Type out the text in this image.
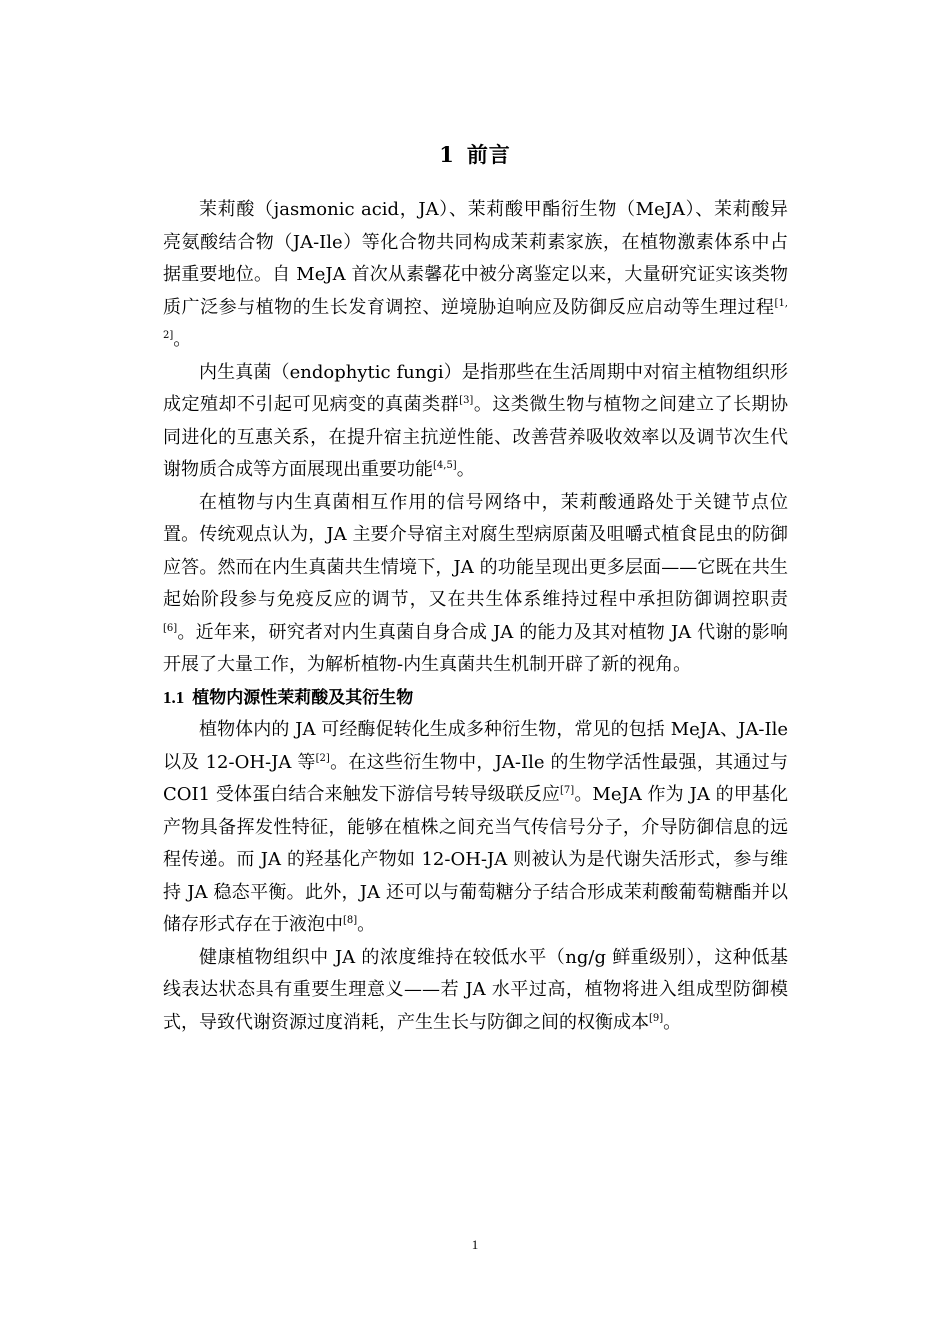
1 前言

茉莉酸（jasmonic acid，JA）、茉莉酸甲酯衍生物（MeJA）、茉莉酸异亮氨酸结合物（JA-Ile）等化合物共同构成茉莉素家族，在植物激素体系中占据重要地位。自 MeJA 首次从素馨花中被分离鉴定以来，大量研究证实该类物质广泛参与植物的生长发育调控、逆境胁迫响应及防御反应启动等生理过程[1,2]。

内生真菌（endophytic fungi）是指那些在生活周期中对宿主植物组织形成定殖却不引起可见病变的真菌类群[3]。这类微生物与植物之间建立了长期协同进化的互惠关系，在提升宿主抗逆性能、改善营养吸收效率以及调节次生代谢物质合成等方面展现出重要功能[4,5]。

在植物与内生真菌相互作用的信号网络中，茉莉酸通路处于关键节点位置。传统观点认为，JA 主要介导宿主对腐生型病原菌及咀嚼式植食昆虫的防御应答。然而在内生真菌共生情境下，JA 的功能呈现出更多层面——它既在共生起始阶段参与免疫反应的调节，又在共生体系维持过程中承担防御调控职责[6]。近年来，研究者对内生真菌自身合成 JA 的能力及其对植物 JA 代谢的影响开展了大量工作，为解析植物-内生真菌共生机制开辟了新的视角。

1.1 植物内源性茉莉酸及其衍生物

植物体内的 JA 可经酶促转化生成多种衍生物，常见的包括 MeJA、JA-Ile 以及 12-OH-JA 等[2]。在这些衍生物中，JA-Ile 的生物学活性最强，其通过与 COI1 受体蛋白结合来触发下游信号转导级联反应[7]。MeJA 作为 JA 的甲基化产物具备挥发性特征，能够在植株之间充当气传信号分子，介导防御信息的远程传递。而 JA 的羟基化产物如 12-OH-JA 则被认为是代谢失活形式，参与维持 JA 稳态平衡。此外，JA 还可以与葡萄糖分子结合形成茉莉酸葡萄糖酯并以储存形式存在于液泡中[8]。

健康植物组织中 JA 的浓度维持在较低水平（ng/g 鲜重级别），这种低基线表达状态具有重要生理意义——若 JA 水平过高，植物将进入组成型防御模式，导致代谢资源过度消耗，产生生长与防御之间的权衡成本[9]。

1
